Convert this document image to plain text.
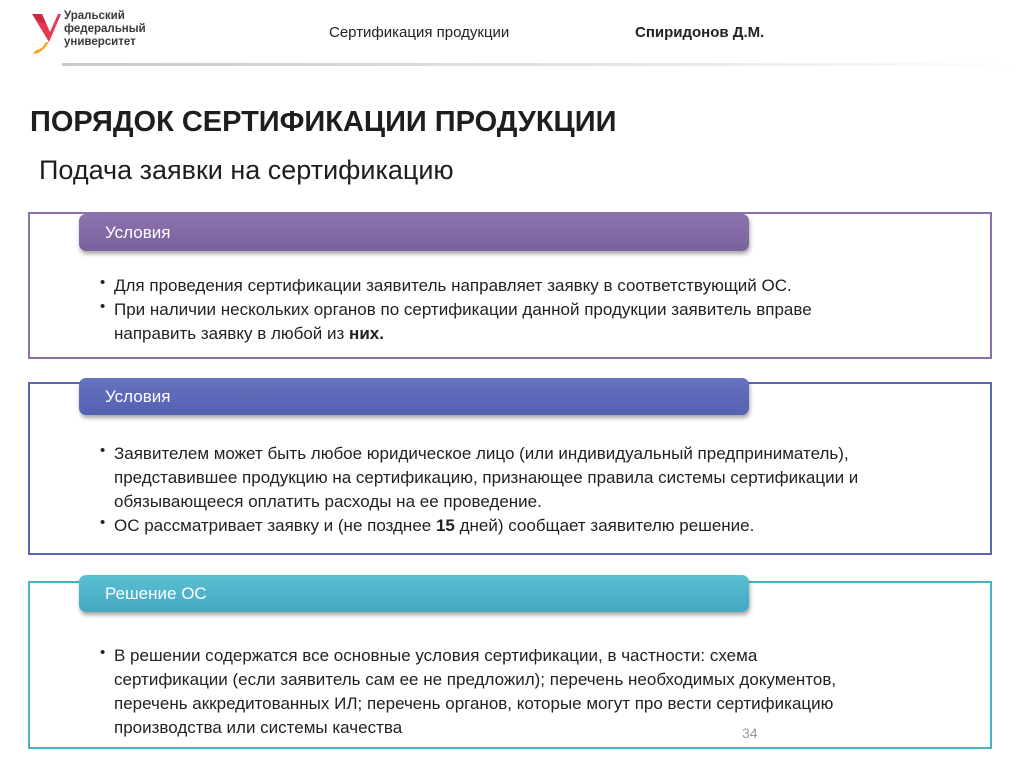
Уральский
федеральный
университет
Сертификация продукции	Спиридонов Д.М.
ПОРЯДОК СЕРТИФИКАЦИИ ПРОДУКЦИИ
Подача заявки на сертификацию
Условия
• Для проведения сертификации заявитель направляет заявку в соответствующий ОС.
• При наличии нескольких органов по сертификации данной продукции заявитель вправе направить заявку в любой из них.
Условия
• Заявителем может быть любое юридическое лицо (или индивидуальный предприниматель), представившее продукцию на сертификацию, признающее правила системы сертификации и обязывающееся оплатить расходы на ее проведение.
• ОС рассматривает заявку и (не позднее 15 дней) сообщает заявителю решение.
Решение ОС
• В решении содержатся все основные условия сертификации, в частности: схема сертификации (если заявитель сам ее не предложил); перечень необходимых документов, перечень аккредитованных ИЛ; перечень органов, которые могут про вести сертификацию производства или системы качества	34
